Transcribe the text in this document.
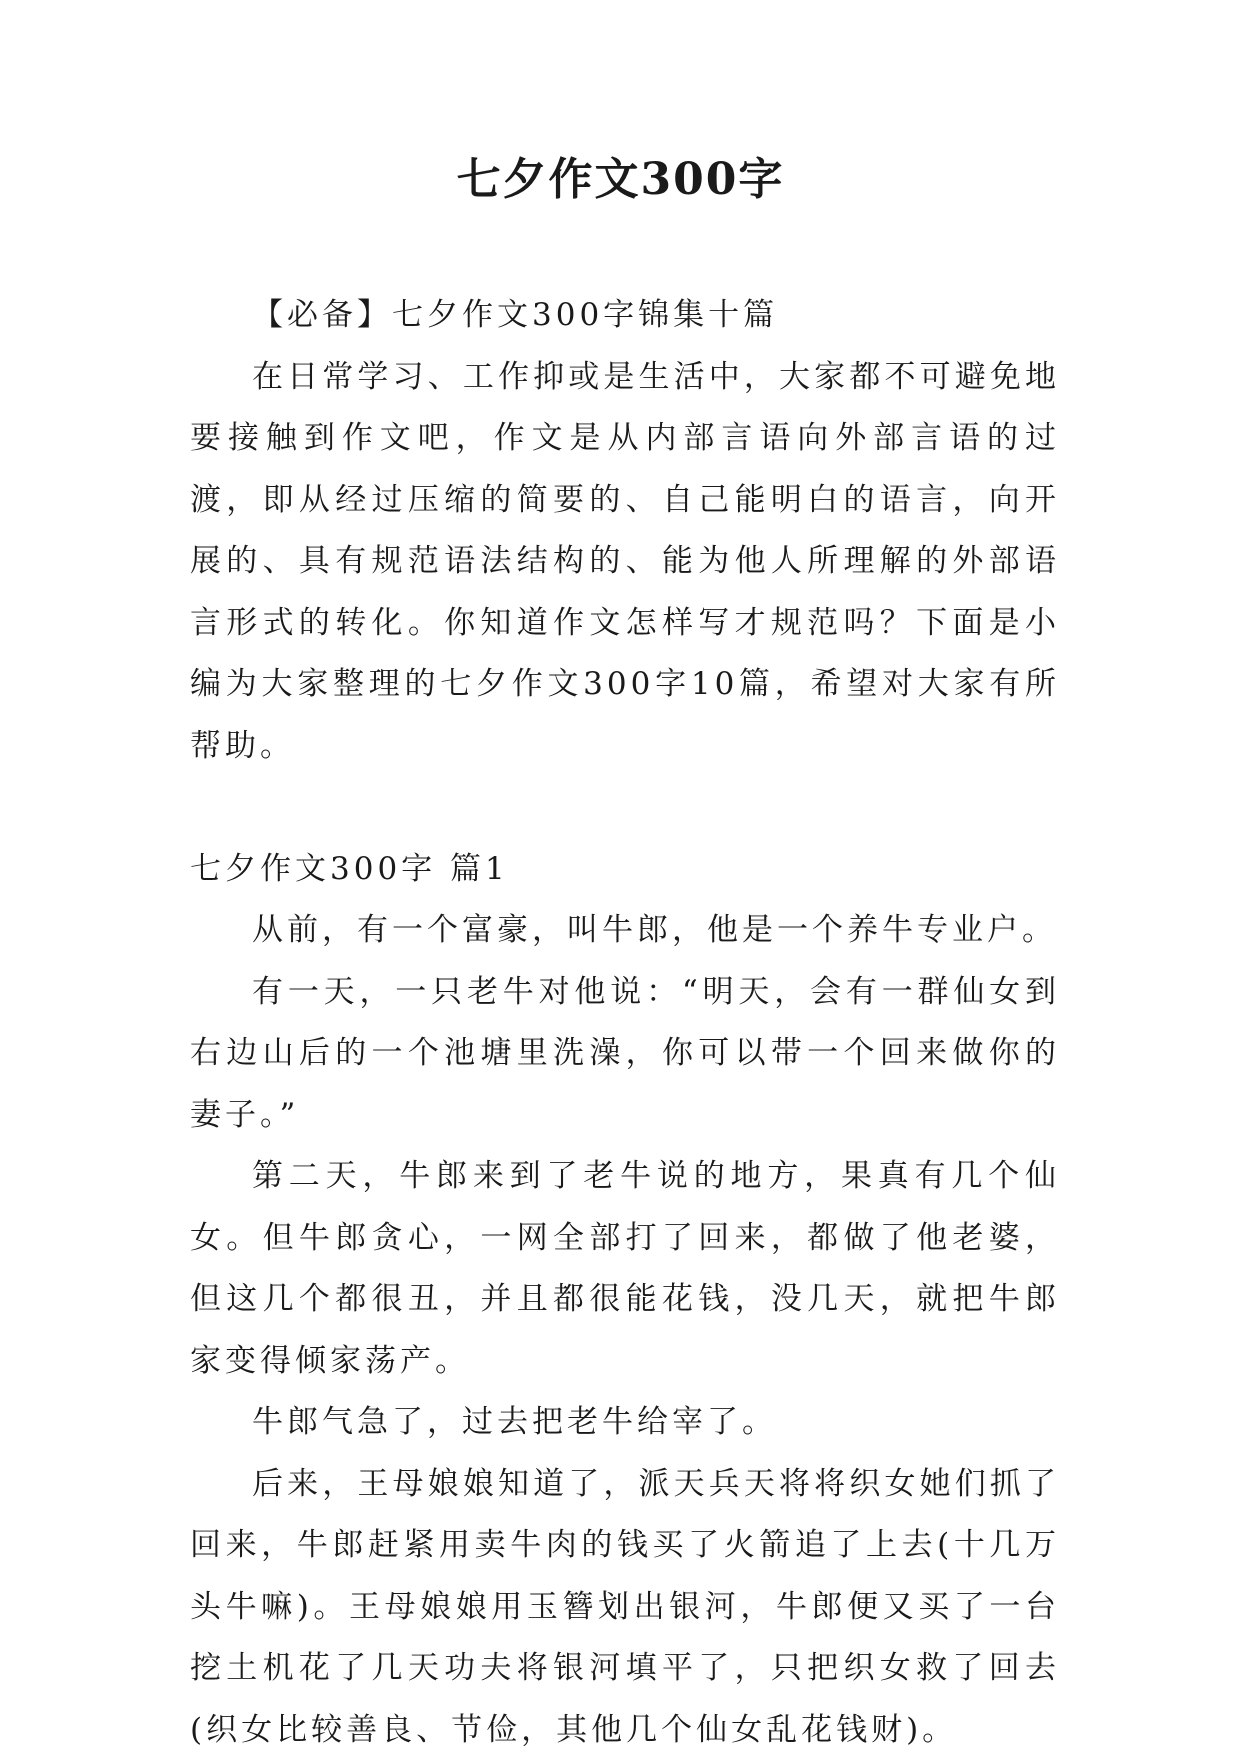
七夕作文300字

【必备】七夕作文300字锦集十篇

在日常学习、工作抑或是生活中，大家都不可避免地要接触到作文吧，作文是从内部言语向外部言语的过渡，即从经过压缩的简要的、自己能明白的语言，向开展的、具有规范语法结构的、能为他人所理解的外部语言形式的转化。你知道作文怎样写才规范吗？下面是小编为大家整理的七夕作文300字10篇，希望对大家有所帮助。

七夕作文300字 篇1

从前，有一个富豪，叫牛郎，他是一个养牛专业户。

有一天，一只老牛对他说：“明天，会有一群仙女到右边山后的一个池塘里洗澡，你可以带一个回来做你的妻子。”

第二天，牛郎来到了老牛说的地方，果真有几个仙女。但牛郎贪心，一网全部打了回来，都做了他老婆，但这几个都很丑，并且都很能花钱，没几天，就把牛郎家变得倾家荡产。

牛郎气急了，过去把老牛给宰了。

后来，王母娘娘知道了，派天兵天将将织女她们抓了回来，牛郎赶紧用卖牛肉的钱买了火箭追了上去(十几万头牛嘛)。王母娘娘用玉簪划出银河，牛郎便又买了一台挖土机花了几天功夫将银河填平了，只把织女救了回去(织女比较善良、节俭，其他几个仙女乱花钱财)。
